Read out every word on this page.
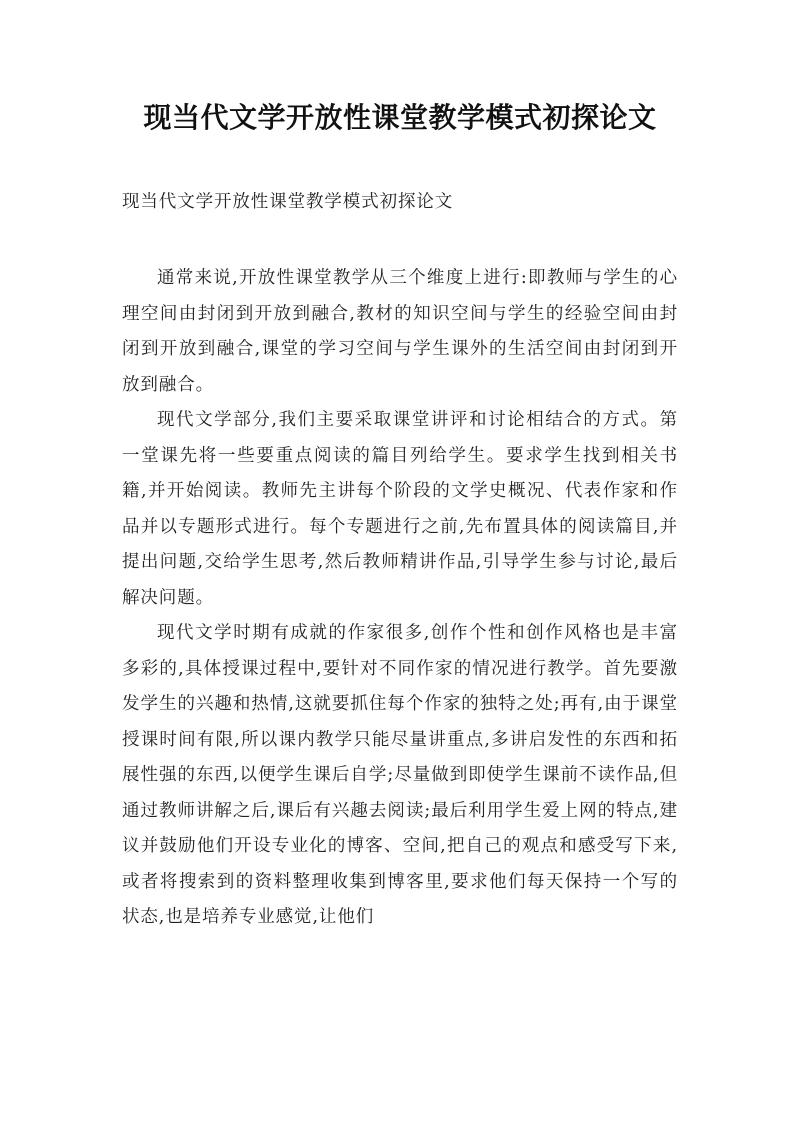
现当代文学开放性课堂教学模式初探论文
现当代文学开放性课堂教学模式初探论文

通常来说,开放性课堂教学从三个维度上进行:即教师与学生的心理空间由封闭到开放到融合,教材的知识空间与学生的经验空间由封闭到开放到融合,课堂的学习空间与学生课外的生活空间由封闭到开放到融合。

现代文学部分,我们主要采取课堂讲评和讨论相结合的方式。第一堂课先将一些要重点阅读的篇目列给学生。要求学生找到相关书籍,并开始阅读。教师先主讲每个阶段的文学史概况、代表作家和作品并以专题形式进行。每个专题进行之前,先布置具体的阅读篇目,并提出问题,交给学生思考,然后教师精讲作品,引导学生参与讨论,最后解决问题。

现代文学时期有成就的作家很多,创作个性和创作风格也是丰富多彩的,具体授课过程中,要针对不同作家的情况进行教学。首先要激发学生的兴趣和热情,这就要抓住每个作家的独特之处;再有,由于课堂授课时间有限,所以课内教学只能尽量讲重点,多讲启发性的东西和拓展性强的东西,以便学生课后自学;尽量做到即使学生课前不读作品,但通过教师讲解之后,课后有兴趣去阅读;最后利用学生爱上网的特点,建议并鼓励他们开设专业化的博客、空间,把自己的观点和感受写下来,或者将搜索到的资料整理收集到博客里,要求他们每天保持一个写的状态,也是培养专业感觉,让他们
